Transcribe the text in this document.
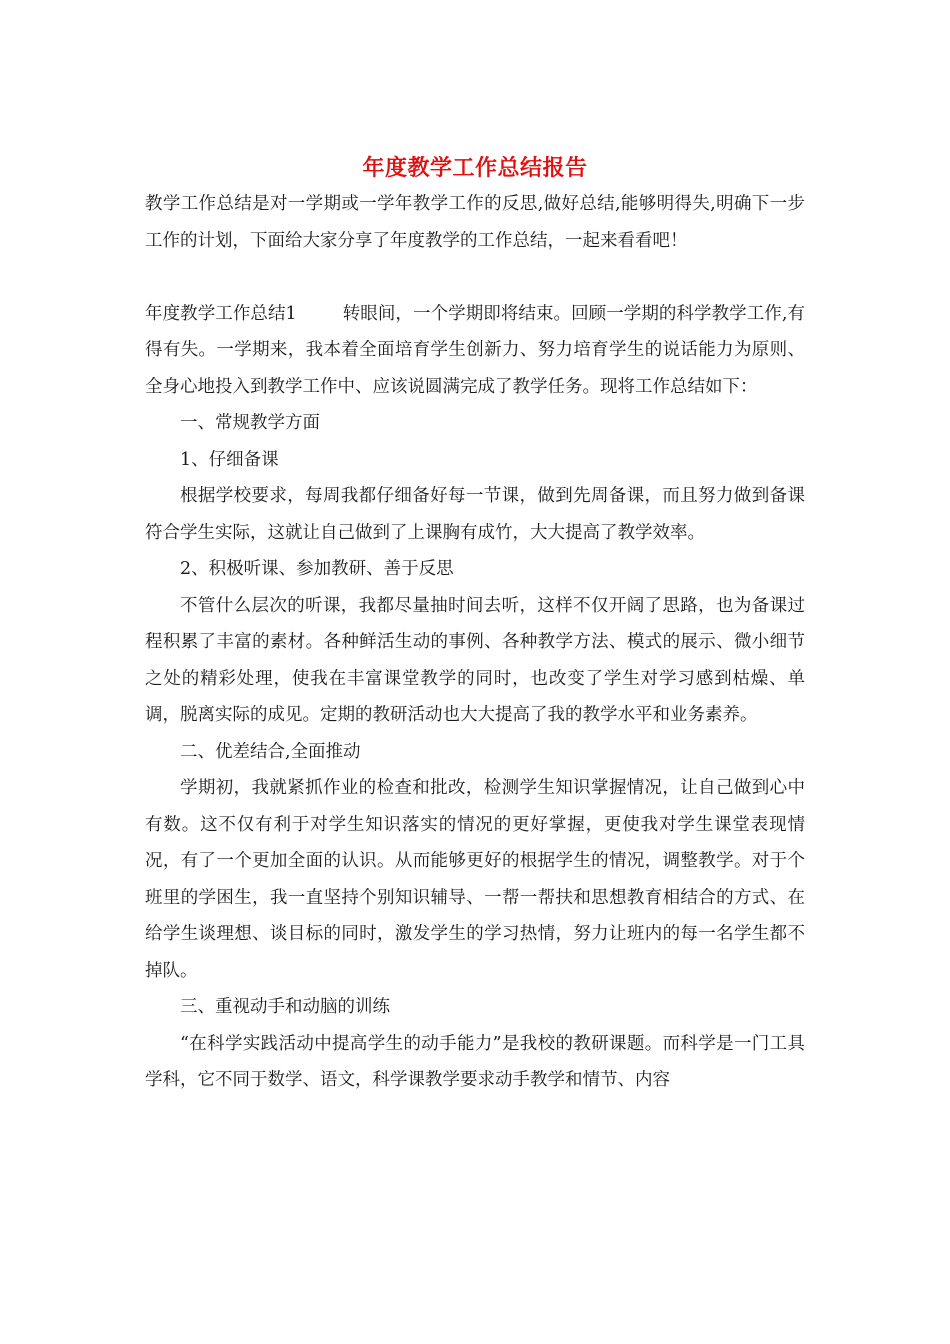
年度教学工作总结报告

教学工作总结是对一学期或一学年教学工作的反思,做好总结,能够明得失,明确下一步工作的计划，下面给大家分享了年度教学的工作总结，一起来看看吧！

年度教学工作总结1	转眼间，一个学期即将结束。回顾一学期的科学教学工作,有得有失。一学期来，我本着全面培育学生创新力、努力培育学生的说话能力为原则、全身心地投入到教学工作中、应该说圆满完成了教学任务。现将工作总结如下：

一、常规教学方面

1、仔细备课

根据学校要求，每周我都仔细备好每一节课，做到先周备课，而且努力做到备课符合学生实际，这就让自己做到了上课胸有成竹，大大提高了教学效率。

2、积极听课、参加教研、善于反思

不管什么层次的听课，我都尽量抽时间去听，这样不仅开阔了思路，也为备课过程积累了丰富的素材。各种鲜活生动的事例、各种教学方法、模式的展示、微小细节之处的精彩处理，使我在丰富课堂教学的同时，也改变了学生对学习感到枯燥、单调，脱离实际的成见。定期的教研活动也大大提高了我的教学水平和业务素养。

二、优差结合,全面推动

学期初，我就紧抓作业的检查和批改，检测学生知识掌握情况，让自己做到心中有数。这不仅有利于对学生知识落实的情况的更好掌握，更使我对学生课堂表现情况，有了一个更加全面的认识。从而能够更好的根据学生的情况，调整教学。对于个班里的学困生，我一直坚持个别知识辅导、一帮一帮扶和思想教育相结合的方式、在给学生谈理想、谈目标的同时，激发学生的学习热情，努力让班内的每一名学生都不掉队。

三、重视动手和动脑的训练

“在科学实践活动中提高学生的动手能力”是我校的教研课题。而科学是一门工具学科，它不同于数学、语文，科学课教学要求动手教学和情节、内容
